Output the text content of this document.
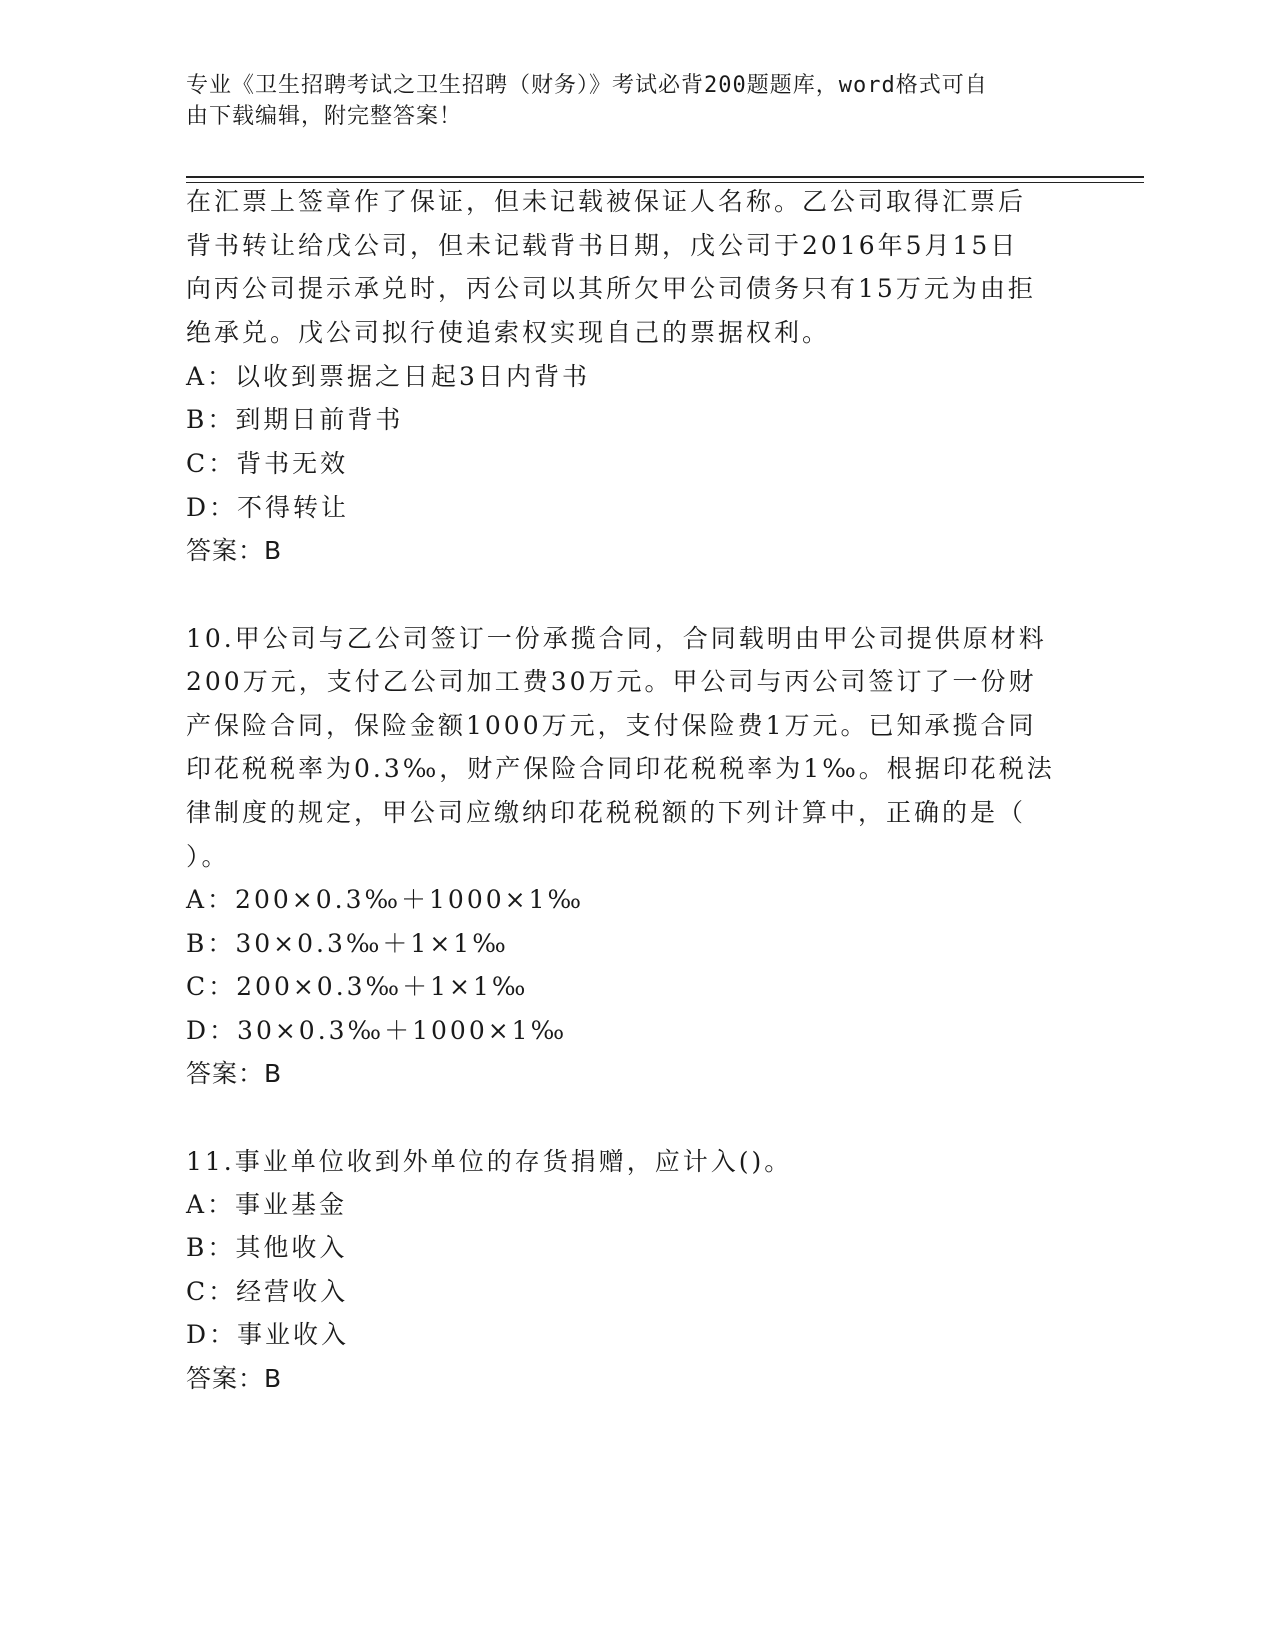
专业《卫生招聘考试之卫生招聘（财务）》考试必背200题题库，word格式可自
由下载编辑，附完整答案！
在汇票上签章作了保证，但未记载被保证人名称。乙公司取得汇票后
背书转让给戊公司，但未记载背书日期，戊公司于2016年5月15日
向丙公司提示承兑时，丙公司以其所欠甲公司债务只有15万元为由拒
绝承兑。戊公司拟行使追索权实现自己的票据权利。
A：以收到票据之日起3日内背书
B：到期日前背书
C：背书无效
D：不得转让
答案：B
10.甲公司与乙公司签订一份承揽合同，合同载明由甲公司提供原材料
200万元，支付乙公司加工费30万元。甲公司与丙公司签订了一份财
产保险合同，保险金额1000万元，支付保险费1万元。已知承揽合同
印花税税率为0.3‰，财产保险合同印花税税率为1‰。根据印花税法
律制度的规定，甲公司应缴纳印花税税额的下列计算中，正确的是（
）。
A：200×0.3‰＋1000×1‰
B：30×0.3‰＋1×1‰
C：200×0.3‰＋1×1‰
D：30×0.3‰＋1000×1‰
答案：B
11.事业单位收到外单位的存货捐赠，应计入()。
A：事业基金
B：其他收入
C：经营收入
D：事业收入
答案：B
